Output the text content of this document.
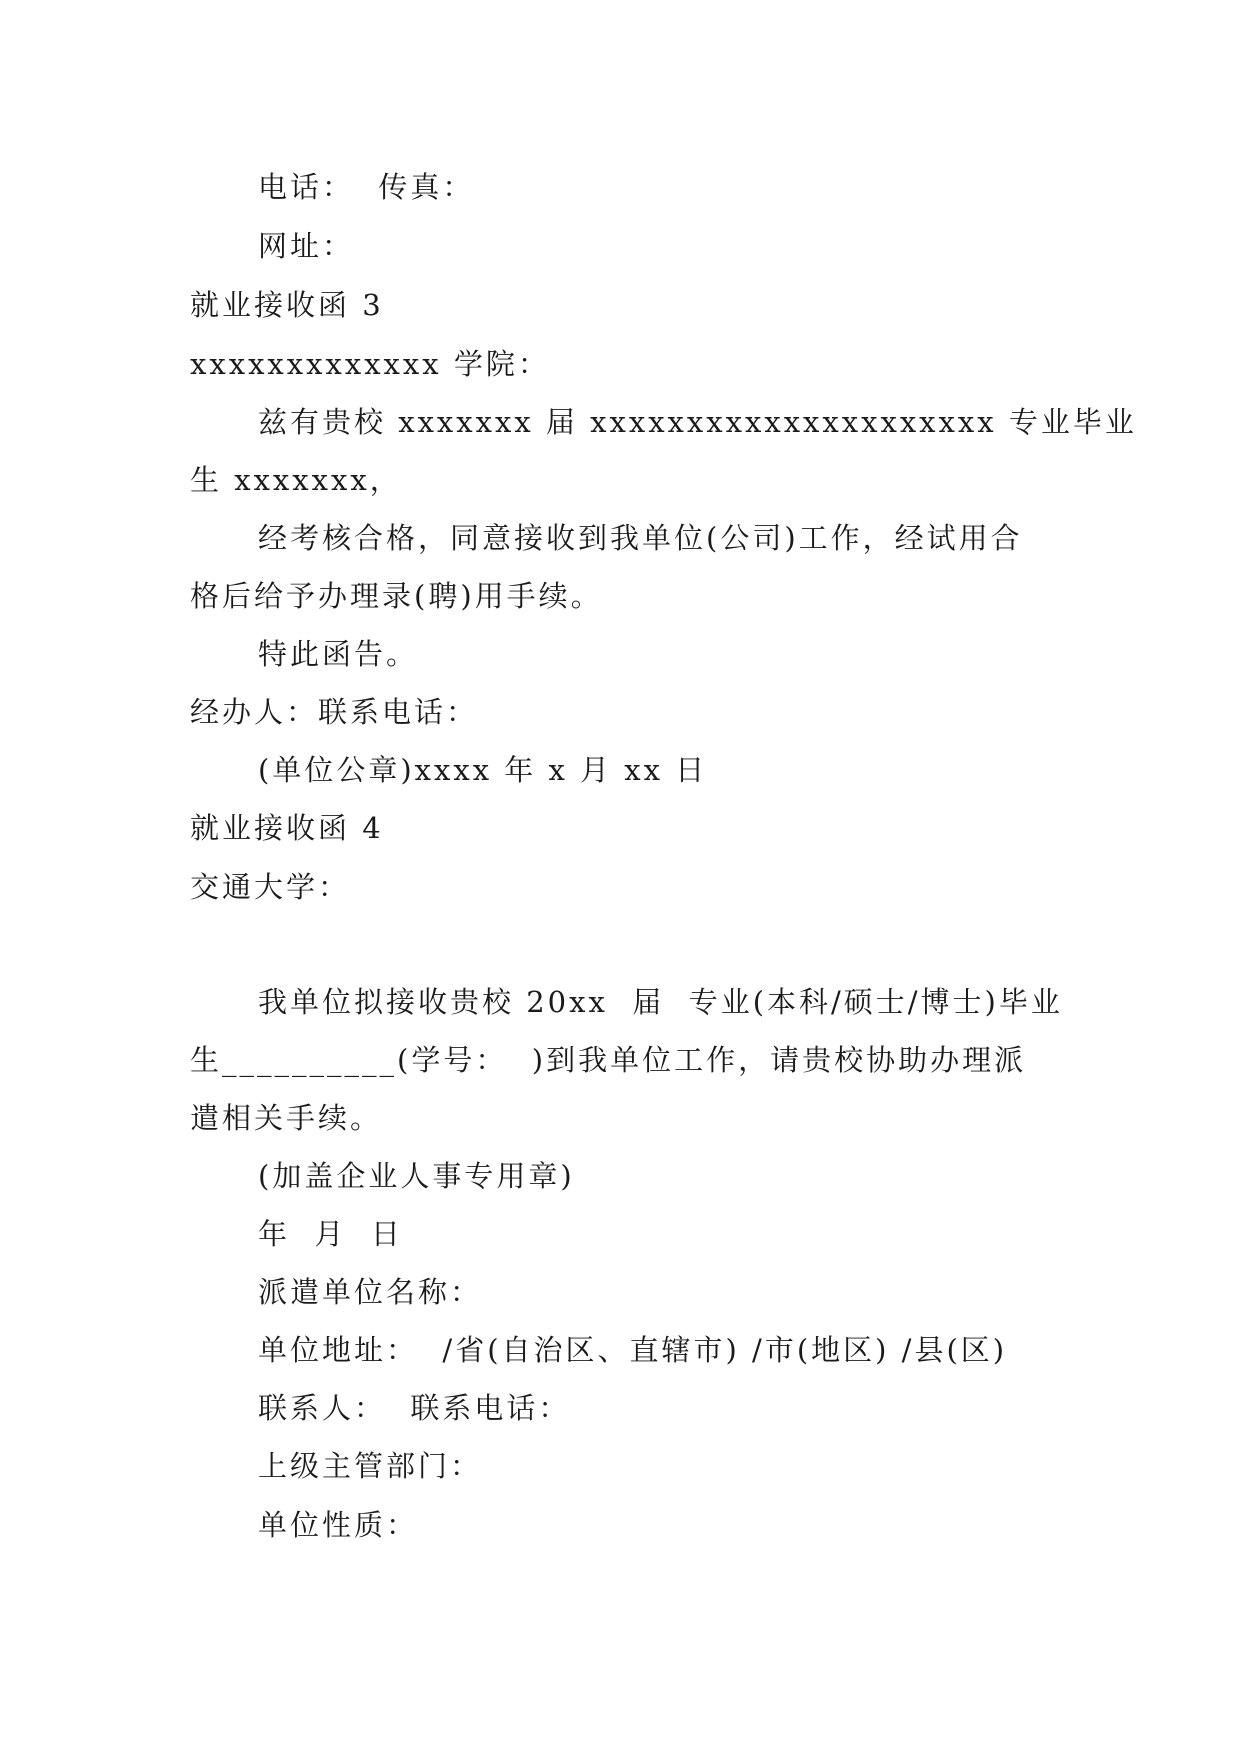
电话：  传真：
网址：
就业接收函 3
xxxxxxxxxxxxx 学院：
兹有贵校 xxxxxxx 届 xxxxxxxxxxxxxxxxxxxxx 专业毕业
生 xxxxxxx，
经考核合格，同意接收到我单位(公司)工作，经试用合
格后给予办理录(聘)用手续。
特此函告。
经办人：联系电话：
(单位公章)xxxx 年 x 月 xx 日
就业接收函 4
交通大学：
我单位拟接收贵校 20xx  届  专业(本科/硕士/博士)毕业
生__________(学号：  )到我单位工作，请贵校协助办理派
遣相关手续。
(加盖企业人事专用章)
年  月  日
派遣单位名称：
单位地址：  /省(自治区、直辖市) /市(地区) /县(区)
联系人：  联系电话：
上级主管部门：
单位性质：
